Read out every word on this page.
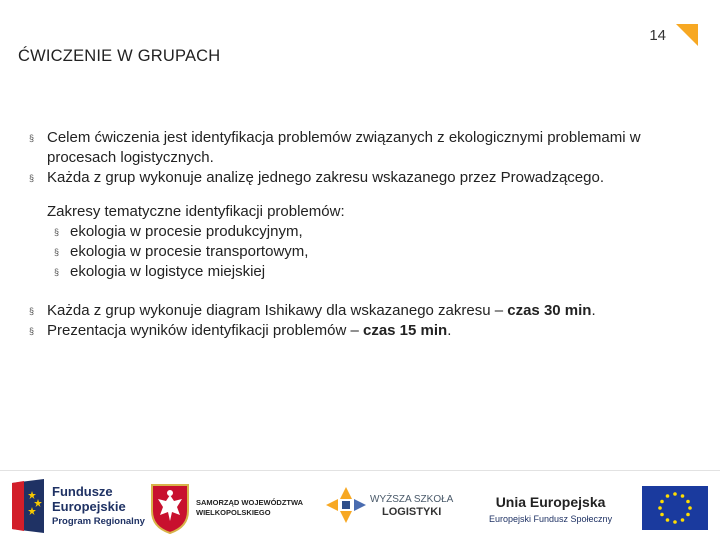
14
ĆWICZENIE W GRUPACH
§ Celem ćwiczenia jest identyfikacja problemów związanych z ekologicznymi problemami w procesach logistycznych.
§ Każda z grup wykonuje analizę jednego zakresu wskazanego przez Prowadzącego.
Zakresy tematyczne identyfikacji problemów:
§ ekologia w procesie produkcyjnym,
§ ekologia w procesie transportowym,
§ ekologia w logistyce miejskiej
§ Każda z grup wykonuje diagram Ishikawy dla wskazanego zakresu – czas 30 min.
§ Prezentacja wyników identyfikacji problemów – czas 15 min.
Fundusze
Europejskie
Program Regionalny
SAMORZĄD WOJEWÓDZTWA
WIELKOPOLSKIEGO
WYŻSZA SZKOŁA
LOGISTYKI
Unia Europejska
Europejski Fundusz Społeczny
